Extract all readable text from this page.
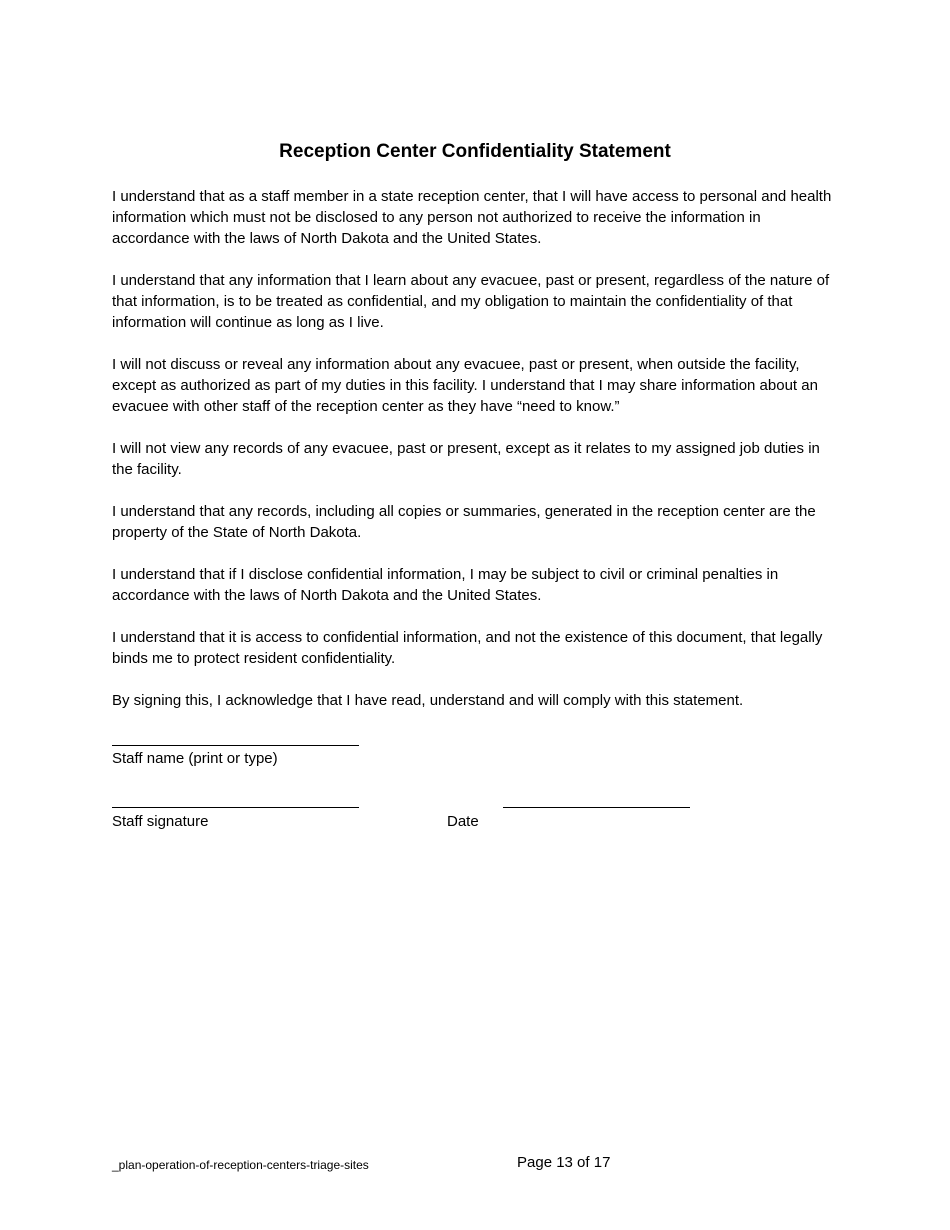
Reception Center Confidentiality Statement

I understand that as a staff member in a state reception center, that I will have access to personal and health information which must not be disclosed to any person not authorized to receive the information in accordance with the laws of North Dakota and the United States.

I understand that any information that I learn about any evacuee, past or present, regardless of the nature of that information, is to be treated as confidential, and my obligation to maintain the confidentiality of that information will continue as long as I live.

I will not discuss or reveal any information about any evacuee, past or present, when outside the facility, except as authorized as part of my duties in this facility. I understand that I may share information about an evacuee with other staff of the reception center as they have “need to know.”

I will not view any records of any evacuee, past or present, except as it relates to my assigned job duties in the facility.

I understand that any records, including all copies or summaries, generated in the reception center are the property of the State of North Dakota.

I understand that if I disclose confidential information, I may be subject to civil or criminal penalties in accordance with the laws of North Dakota and the United States.

I understand that it is access to confidential information, and not the existence of this document, that legally binds me to protect resident confidentiality.

By signing this, I acknowledge that I have read, understand and will comply with this statement.

Staff name (print or type)
Staff signature	Date
_plan-operation-of-reception-centers-triage-sites	Page 13 of 17
